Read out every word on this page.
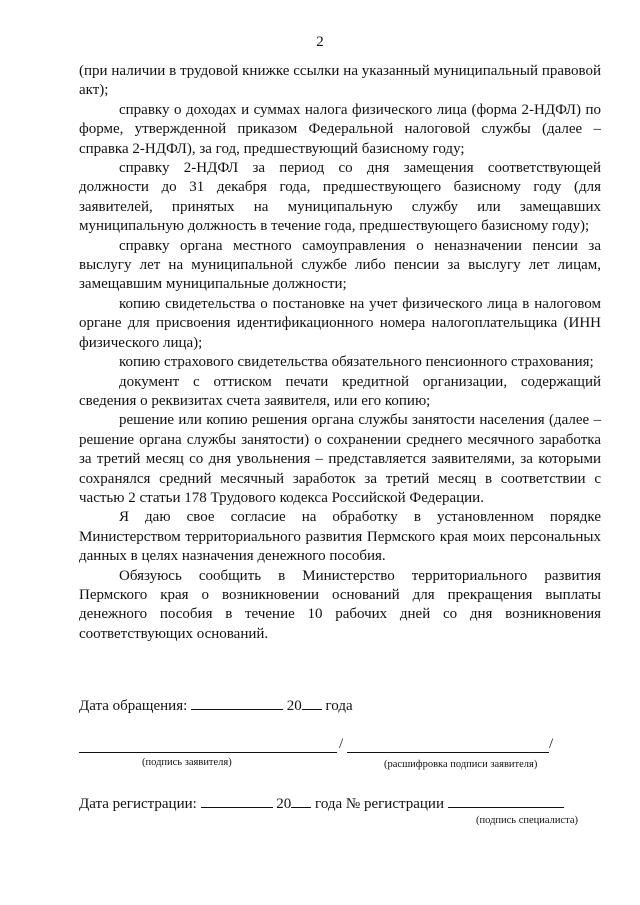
2

(при наличии в трудовой книжке ссылки на указанный муниципальный правовой акт);

справку о доходах и суммах налога физического лица (форма 2-НДФЛ) по форме, утвержденной приказом Федеральной налоговой службы (далее – справка 2-НДФЛ), за год, предшествующий базисному году;

справку 2-НДФЛ за период со дня замещения соответствующей должности до 31 декабря года, предшествующего базисному году (для заявителей, принятых на муниципальную службу или замещавших муниципальную должность в течение года, предшествующего базисному году);

справку органа местного самоуправления о неназначении пенсии за выслугу лет на муниципальной службе либо пенсии за выслугу лет лицам, замещавшим муниципальные должности;

копию свидетельства о постановке на учет физического лица в налоговом органе для присвоения идентификационного номера налогоплательщика (ИНН физического лица);

копию страхового свидетельства обязательного пенсионного страхования;

документ с оттиском печати кредитной организации, содержащий сведения о реквизитах счета заявителя, или его копию;

решение или копию решения органа службы занятости населения (далее – решение органа службы занятости) о сохранении среднего месячного заработка за третий месяц со дня увольнения – представляется заявителями, за которыми сохранялся средний месячный заработок за третий месяц в соответствии с частью 2 статьи 178 Трудового кодекса Российской Федерации.

Я даю свое согласие на обработку в установленном порядке Министерством территориального развития Пермского края моих персональных данных в целях назначения денежного пособия.

Обязуюсь сообщить в Министерство территориального развития Пермского края о возникновении оснований для прекращения выплаты денежного пособия в течение 10 рабочих дней со дня возникновения соответствующих оснований.

Дата обращения:	20 года
/	/
(подпись заявителя)	(расшифровка подписи заявителя)
Дата регистрации:	20 года № регистрации
(подпись специалиста)
